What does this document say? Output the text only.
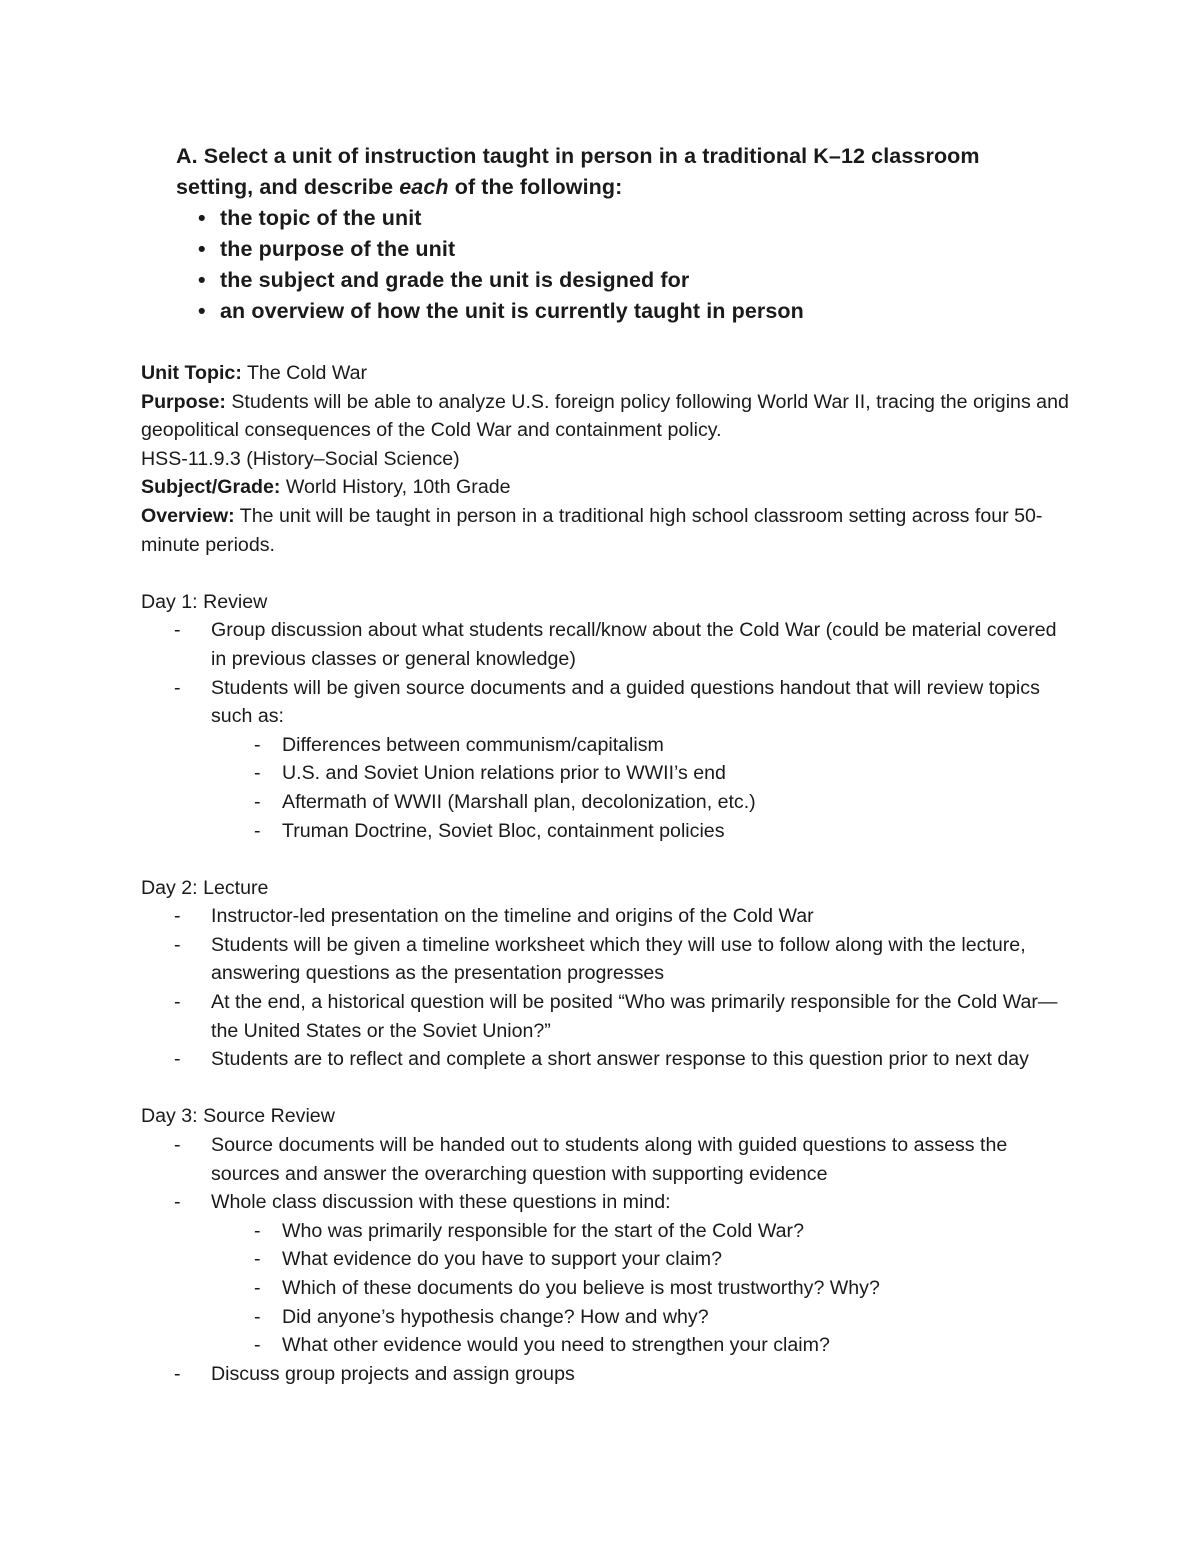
A. Select a unit of instruction taught in person in a traditional K–12 classroom
setting, and describe each of the following:
• the topic of the unit
• the purpose of the unit
• the subject and grade the unit is designed for
• an overview of how the unit is currently taught in person

Unit Topic: The Cold War

Purpose: Students will be able to analyze U.S. foreign policy following World War II, tracing the origins and geopolitical consequences of the Cold War and containment policy.

HSS-11.9.3 (History–Social Science)

Subject/Grade: World History, 10th Grade

Overview: The unit will be taught in person in a traditional high school classroom setting across four 50-minute periods.

Day 1: Review

- Group discussion about what students recall/know about the Cold War (could be material covered in previous classes or general knowledge)
- Students will be given source documents and a guided questions handout that will review topics such as:
- Differences between communism/capitalism
- U.S. and Soviet Union relations prior to WWII’s end
- Aftermath of WWII (Marshall plan, decolonization, etc.)
- Truman Doctrine, Soviet Bloc, containment policies

Day 2: Lecture

- Instructor-led presentation on the timeline and origins of the Cold War
- Students will be given a timeline worksheet which they will use to follow along with the lecture, answering questions as the presentation progresses
- At the end, a historical question will be posited “Who was primarily responsible for the Cold War—the United States or the Soviet Union?”
- Students are to reflect and complete a short answer response to this question prior to next day

Day 3: Source Review

- Source documents will be handed out to students along with guided questions to assess the sources and answer the overarching question with supporting evidence
- Whole class discussion with these questions in mind:
- Who was primarily responsible for the start of the Cold War?
- What evidence do you have to support your claim?
- Which of these documents do you believe is most trustworthy? Why?
- Did anyone’s hypothesis change? How and why?
- What other evidence would you need to strengthen your claim?
- Discuss group projects and assign groups
